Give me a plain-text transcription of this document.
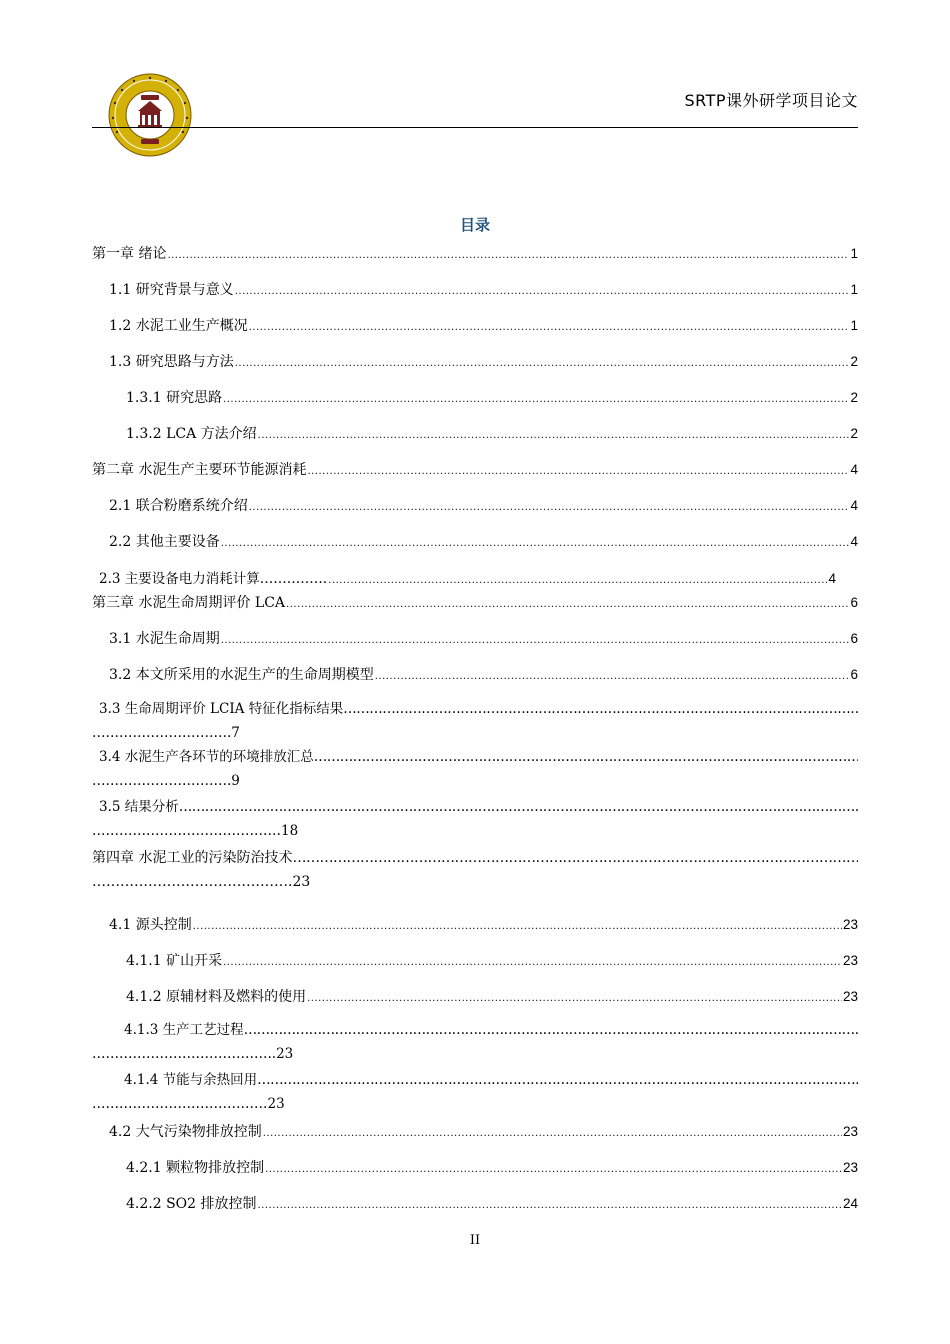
SRTP课外研学项目论文
目录
第一章 绪论 .....	1
1.1 研究背景与意义 .....	1
1.2 水泥工业生产概况 .....	1
1.3 研究思路与方法 .....	2
1.3.1 研究思路 .....	2
1.3.2 LCA 方法介绍 .....	2
第二章 水泥生产主要环节能源消耗 .....	4
2.1 联合粉磨系统介绍 .....	4
2.2 其他主要设备 .....	4
2.3 主要设备电力消耗计算…………… .....	4
第三章 水泥生命周期评价 LCA .....	6
3.1 水泥生命周期 .....	6
3.2 本文所采用的水泥生产的生命周期模型 .....	6
3.3 生命周期评价 LCIA 特征化指标结果 ……………………………………………………………………………………………………………………………………………………………
………………………….7
3.4 水泥生产各环节的环境排放汇总 ……………………………………………………………………………………………………………………………………………………………
………………………….9
3.5 结果分析 ……………………………………………………………………………………………………………………………………………………………
……………………………………18
第四章 水泥工业的污染防治技术 ……………………………………………………………………………………………………………………………………………………………
…………………………………….23
4.1 源头控制 .....	23
4.1.1 矿山开采 .....	23
4.1.2 原辅材料及燃料的使用 .....	23
4.1.3 生产工艺过程 ……………………………………………………………………………………………………………………………………………………………
…………………………………..23
4.1.4 节能与余热回用 ……………………………………………………………………………………………………………………………………………………………
…………………………………23
4.2 大气污染物排放控制 .....	23
4.2.1 颗粒物排放控制 .....	23
4.2.2 SO2 排放控制 .....	24
II
